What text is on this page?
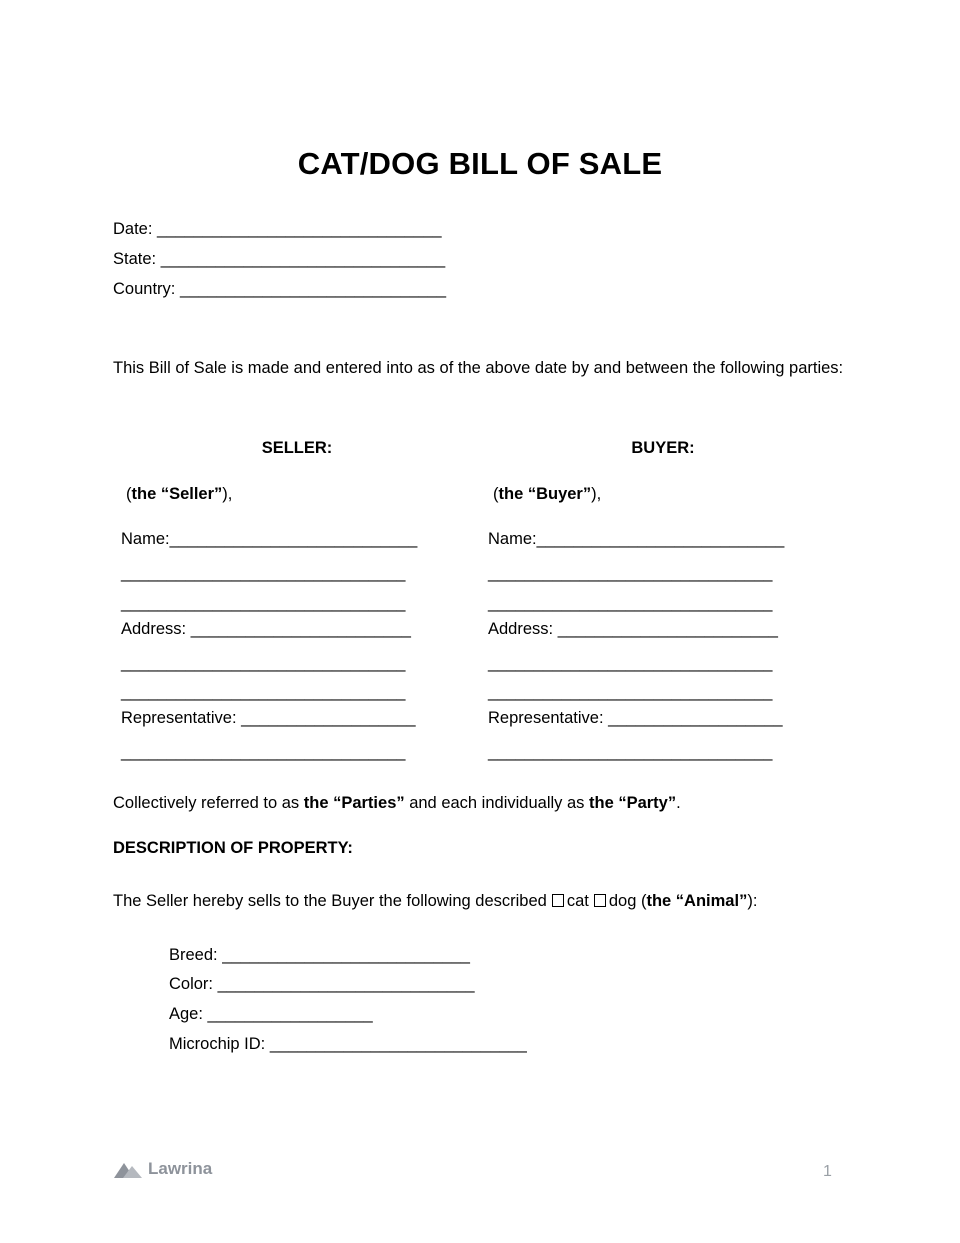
CAT/DOG BILL OF SALE
Date: _______________________________
State: _______________________________
Country: _____________________________
This Bill of Sale is made and entered into as of the above date by and between the following parties:
SELLER:
(the “Seller”),
Name:___________________________
_______________________________
_______________________________
Address: ________________________
_______________________________
_______________________________
Representative: ___________________
_______________________________
BUYER:
(the “Buyer”),
Name:___________________________
_______________________________
_______________________________
Address: ________________________
_______________________________
_______________________________
Representative: ___________________
_______________________________
Collectively referred to as the “Parties” and each individually as the “Party”.
DESCRIPTION OF PROPERTY:
The Seller hereby sells to the Buyer the following described cat dog (the “Animal”):
Breed: ___________________________
Color: ____________________________
Age: __________________
Microchip ID: ____________________________
Lawrina	1
